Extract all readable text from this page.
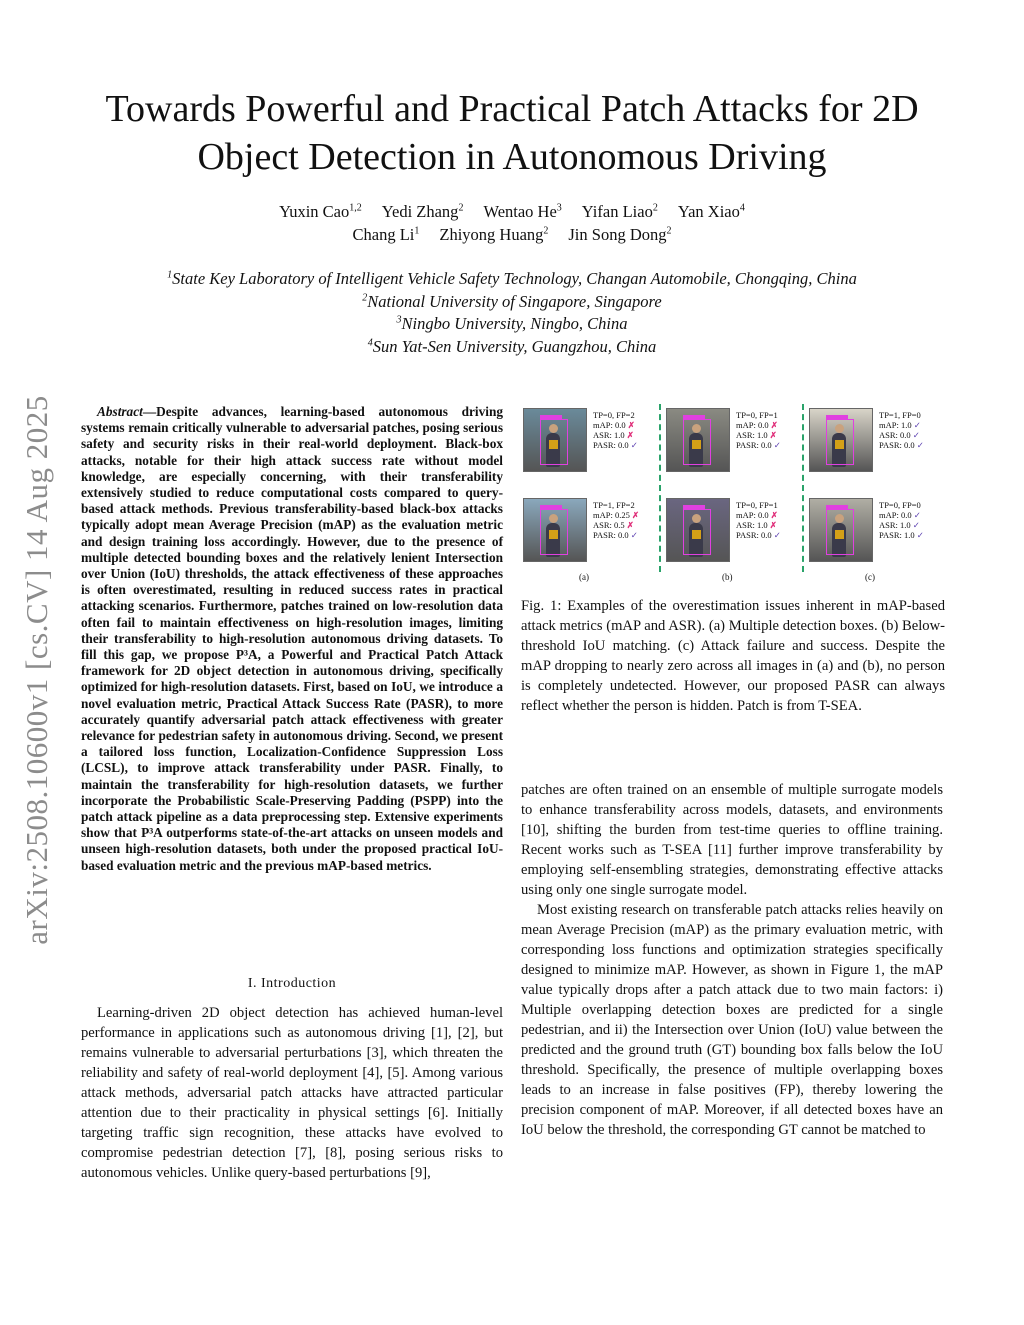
Towards Powerful and Practical Patch Attacks for 2D Object Detection in Autonomous Driving
Yuxin Cao$^{1,2}$ Yedi Zhang$^2$ Wentao He$^3$ Yifan Liao$^2$ Yan Xiao$^4$
Chang Li$^1$ Zhiyong Huang$^2$ Jin Song Dong$^2$
$^1$State Key Laboratory of Intelligent Vehicle Safety Technology, Changan Automobile, Chongqing, China
$^2$National University of Singapore, Singapore
$^3$Ningbo University, Ningbo, China
$^4$Sun Yat-Sen University, Guangzhou, China
arXiv:2508.10600v1 [cs.CV] 14 Aug 2025	Abstract—Despite advances, learning-based autonomous driving systems remain critically vulnerable to adversarial patches, posing serious safety and security risks in their real-world deployment. Black-box attacks, notable for their high attack success rate without model knowledge, are especially concerning, with their transferability extensively studied to reduce computational costs compared to query-based attack methods. Previous transferability-based black-box attacks typically adopt mean Average Precision (mAP) as the evaluation metric and design training loss accordingly. However, due to the presence of multiple detected bounding boxes and the relatively lenient Intersection over Union (IoU) thresholds, the attack effectiveness of these approaches is often overestimated, resulting in reduced success rates in practical attacking scenarios. Furthermore, patches trained on low-resolution data often fail to maintain effectiveness on high-resolution images, limiting their transferability to high-resolution autonomous driving datasets. To fill this gap, we propose P³A, a Powerful and Practical Patch Attack framework for 2D object detection in autonomous driving, specifically optimized for high-resolution datasets. First, based on IoU, we introduce a novel evaluation metric, Practical Attack Success Rate (PASR), to more accurately quantify adversarial patch attack effectiveness with greater relevance for pedestrian safety in autonomous driving. Second, we present a tailored loss function, Localization-Confidence Suppression Loss (LCSL), to improve attack transferability under PASR. Finally, to maintain the transferability for high-resolution datasets, we further incorporate the Probabilistic Scale-Preserving Padding (PSPP) into the patch attack pipeline as a data preprocessing step. Extensive experiments show that P³A outperforms state-of-the-art attacks on unseen models and unseen high-resolution datasets, both under the proposed practical IoU-based evaluation metric and the previous mAP-based metrics.

I. Introduction

Learning-driven 2D object detection has achieved human-level performance in applications such as autonomous driving [1], [2], but remains vulnerable to adversarial perturbations [3], which threaten the reliability and safety of real-world deployment [4], [5]. Among various attack methods, adversarial patch attacks have attracted particular attention due to their practicality in physical settings [6]. Initially targeting traffic sign recognition, these attacks have evolved to compromise pedestrian detection [7], [8], posing serious risks to autonomous vehicles. Unlike query-based perturbations [9],

TP=0, FP=2
mAP: 0.0 ✗
ASR: 1.0 ✗
PASR: 0.0 ✓
TP=1, FP=2
mAP: 0.25 ✗
ASR: 0.5 ✗
PASR: 0.0 ✓
(a)
TP=0, FP=1
mAP: 0.0 ✗
ASR: 1.0 ✗
PASR: 0.0 ✓
TP=0, FP=1
mAP: 0.0 ✗
ASR: 1.0 ✗
PASR: 0.0 ✓
(b)
TP=1, FP=0
mAP: 1.0 ✓
ASR: 0.0 ✓
PASR: 0.0 ✓
TP=0, FP=0
mAP: 0.0 ✓
ASR: 1.0 ✓
PASR: 1.0 ✓
(c)
Fig. 1: Examples of the overestimation issues inherent in mAP-based attack metrics (mAP and ASR). (a) Multiple detection boxes. (b) Below-threshold IoU matching. (c) Attack failure and success. Despite the mAP dropping to nearly zero across all images in (a) and (b), no person is completely undetected. However, our proposed PASR can always reflect whether the person is hidden. Patch is from T-SEA.

patches are often trained on an ensemble of multiple surrogate models to enhance transferability across models, datasets, and environments [10], shifting the burden from test-time queries to offline training. Recent works such as T-SEA [11] further improve transferability by employing self-ensembling strategies, demonstrating effective attacks using only one single surrogate model.

Most existing research on transferable patch attacks relies heavily on mean Average Precision (mAP) as the primary evaluation metric, with corresponding loss functions and optimization strategies specifically designed to minimize mAP. However, as shown in Figure 1, the mAP value typically drops after a patch attack due to two main factors: i) Multiple overlapping detection boxes are predicted for a single pedestrian, and ii) the Intersection over Union (IoU) value between the predicted and the ground truth (GT) bounding box falls below the IoU threshold. Specifically, the presence of multiple overlapping boxes leads to an increase in false positives (FP), thereby lowering the precision component of mAP. Moreover, if all detected boxes have an IoU below the threshold, the corresponding GT cannot be matched to
